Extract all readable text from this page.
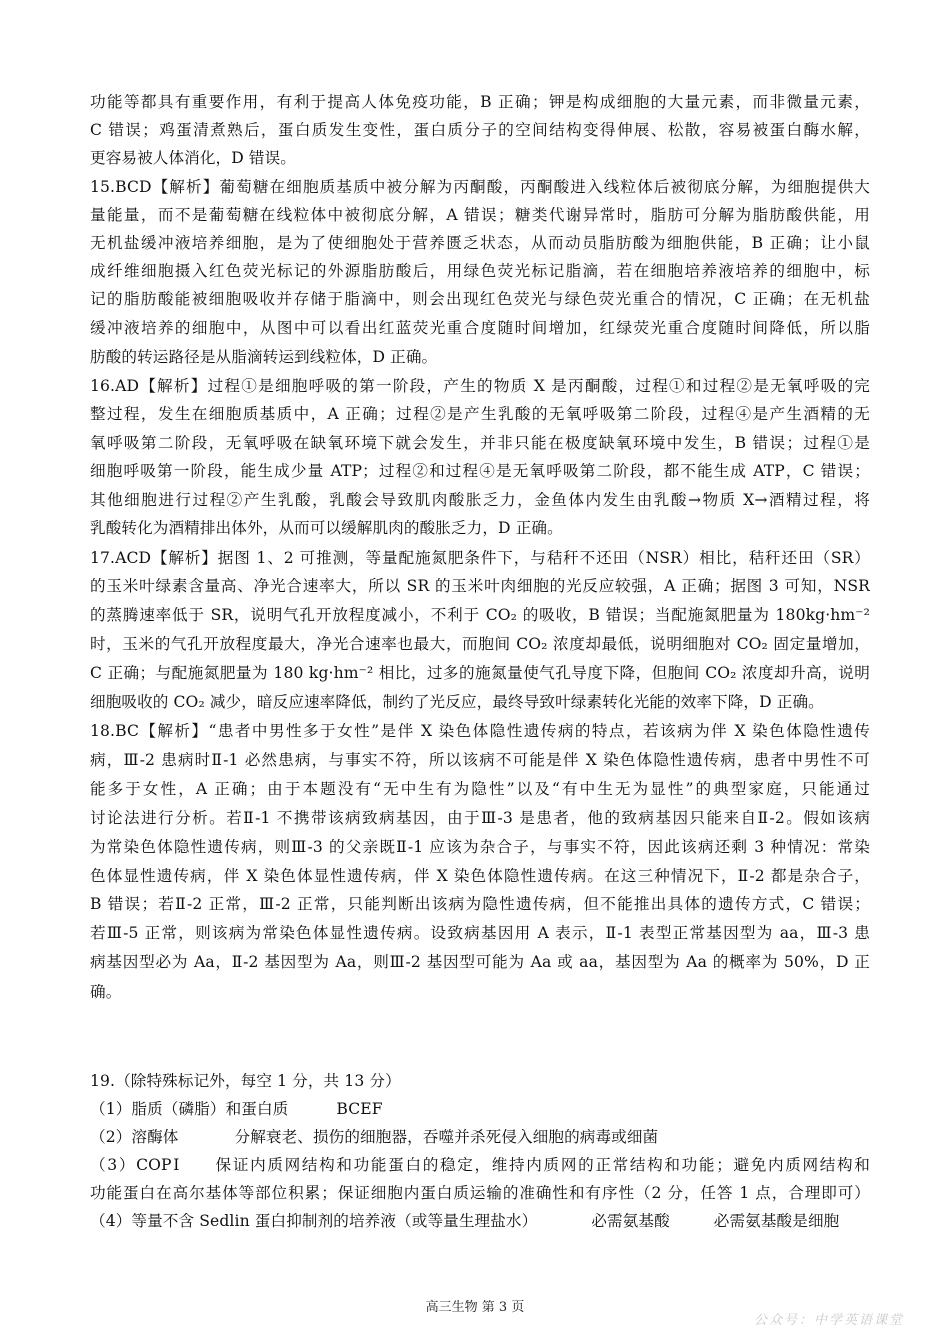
功能等都具有重要作用，有利于提高人体免疫功能，B 正确；钾是构成细胞的大量元素，而非微量元素，
C 错误；鸡蛋清煮熟后，蛋白质发生变性，蛋白质分子的空间结构变得伸展、松散，容易被蛋白酶水解，
更容易被人体消化，D 错误。
15.BCD【解析】葡萄糖在细胞质基质中被分解为丙酮酸，丙酮酸进入线粒体后被彻底分解，为细胞提供大
量能量，而不是葡萄糖在线粒体中被彻底分解，A 错误；糖类代谢异常时，脂肪可分解为脂肪酸供能，用
无机盐缓冲液培养细胞，是为了使细胞处于营养匮乏状态，从而动员脂肪酸为细胞供能，B 正确；让小鼠
成纤维细胞摄入红色荧光标记的外源脂肪酸后，用绿色荧光标记脂滴，若在细胞培养液培养的细胞中，标
记的脂肪酸能被细胞吸收并存储于脂滴中，则会出现红色荧光与绿色荧光重合的情况，C 正确；在无机盐
缓冲液培养的细胞中，从图中可以看出红蓝荧光重合度随时间增加，红绿荧光重合度随时间降低，所以脂
肪酸的转运路径是从脂滴转运到线粒体，D 正确。
16.AD【解析】过程①是细胞呼吸的第一阶段，产生的物质 X 是丙酮酸，过程①和过程②是无氧呼吸的完
整过程，发生在细胞质基质中，A 正确；过程②是产生乳酸的无氧呼吸第二阶段，过程④是产生酒精的无
氧呼吸第二阶段，无氧呼吸在缺氧环境下就会发生，并非只能在极度缺氧环境中发生，B 错误；过程①是
细胞呼吸第一阶段，能生成少量 ATP；过程②和过程④是无氧呼吸第二阶段，都不能生成 ATP，C 错误；
其他细胞进行过程②产生乳酸，乳酸会导致肌肉酸胀乏力，金鱼体内发生由乳酸→物质 X→酒精过程，将
乳酸转化为酒精排出体外，从而可以缓解肌肉的酸胀乏力，D 正确。
17.ACD【解析】据图 1、2 可推测，等量配施氮肥条件下，与秸秆不还田（NSR）相比，秸秆还田（SR）
的玉米叶绿素含量高、净光合速率大，所以 SR 的玉米叶肉细胞的光反应较强，A 正确；据图 3 可知，NSR
的蒸腾速率低于 SR，说明气孔开放程度减小，不利于 CO₂ 的吸收，B 错误；当配施氮肥量为 180kg·hm⁻²
时，玉米的气孔开放程度最大，净光合速率也最大，而胞间 CO₂ 浓度却最低，说明细胞对 CO₂ 固定量增加，
C 正确；与配施氮肥量为 180 kg·hm⁻² 相比，过多的施氮量使气孔导度下降，但胞间 CO₂ 浓度却升高，说明
细胞吸收的 CO₂ 减少，暗反应速率降低，制约了光反应，最终导致叶绿素转化光能的效率下降，D 正确。
18.BC【解析】“患者中男性多于女性”是伴 X 染色体隐性遗传病的特点，若该病为伴 X 染色体隐性遗传
病，Ⅲ-2 患病时Ⅱ-1 必然患病，与事实不符，所以该病不可能是伴 X 染色体隐性遗传病，患者中男性不可
能多于女性，A 正确；由于本题没有“无中生有为隐性”以及“有中生无为显性”的典型家庭，只能通过
讨论法进行分析。若Ⅱ-1 不携带该病致病基因，由于Ⅲ-3 是患者，他的致病基因只能来自Ⅱ-2。假如该病
为常染色体隐性遗传病，则Ⅲ-3 的父亲既Ⅱ-1 应该为杂合子，与事实不符，因此该病还剩 3 种情况：常染
色体显性遗传病，伴 X 染色体显性遗传病，伴 X 染色体隐性遗传病。在这三种情况下，Ⅱ-2 都是杂合子，
B 错误；若Ⅱ-2 正常，Ⅲ-2 正常，只能判断出该病为隐性遗传病，但不能推出具体的遗传方式，C 错误；
若Ⅲ-5 正常，则该病为常染色体显性遗传病。设致病基因用 A 表示，Ⅱ-1 表型正常基因型为 aa，Ⅲ-3 患
病基因型必为 Aa，Ⅱ-2 基因型为 Aa，则Ⅲ-2 基因型可能为 Aa 或 aa，基因型为 Aa 的概率为 50%，D 正
确。
19.（除特殊标记外，每空 1 分，共 13 分）
（1）脂质（磷脂）和蛋白质	BCEF
（2）溶酶体	分解衰老、损伤的细胞器，吞噬并杀死侵入细胞的病毒或细菌
（3）COPⅠ　　保证内质网结构和功能蛋白的稳定，维持内质网的正常结构和功能；避免内质网结构和
功能蛋白在高尔基体等部位积累；保证细胞内蛋白质运输的准确性和有序性（2 分，任答 1 点，合理即可）
（4）等量不含 Sedlin 蛋白抑制剂的培养液（或等量生理盐水）	必需氨基酸	必需氨基酸是细胞
高三生物 第 3 页
公众号：中学英语课堂
